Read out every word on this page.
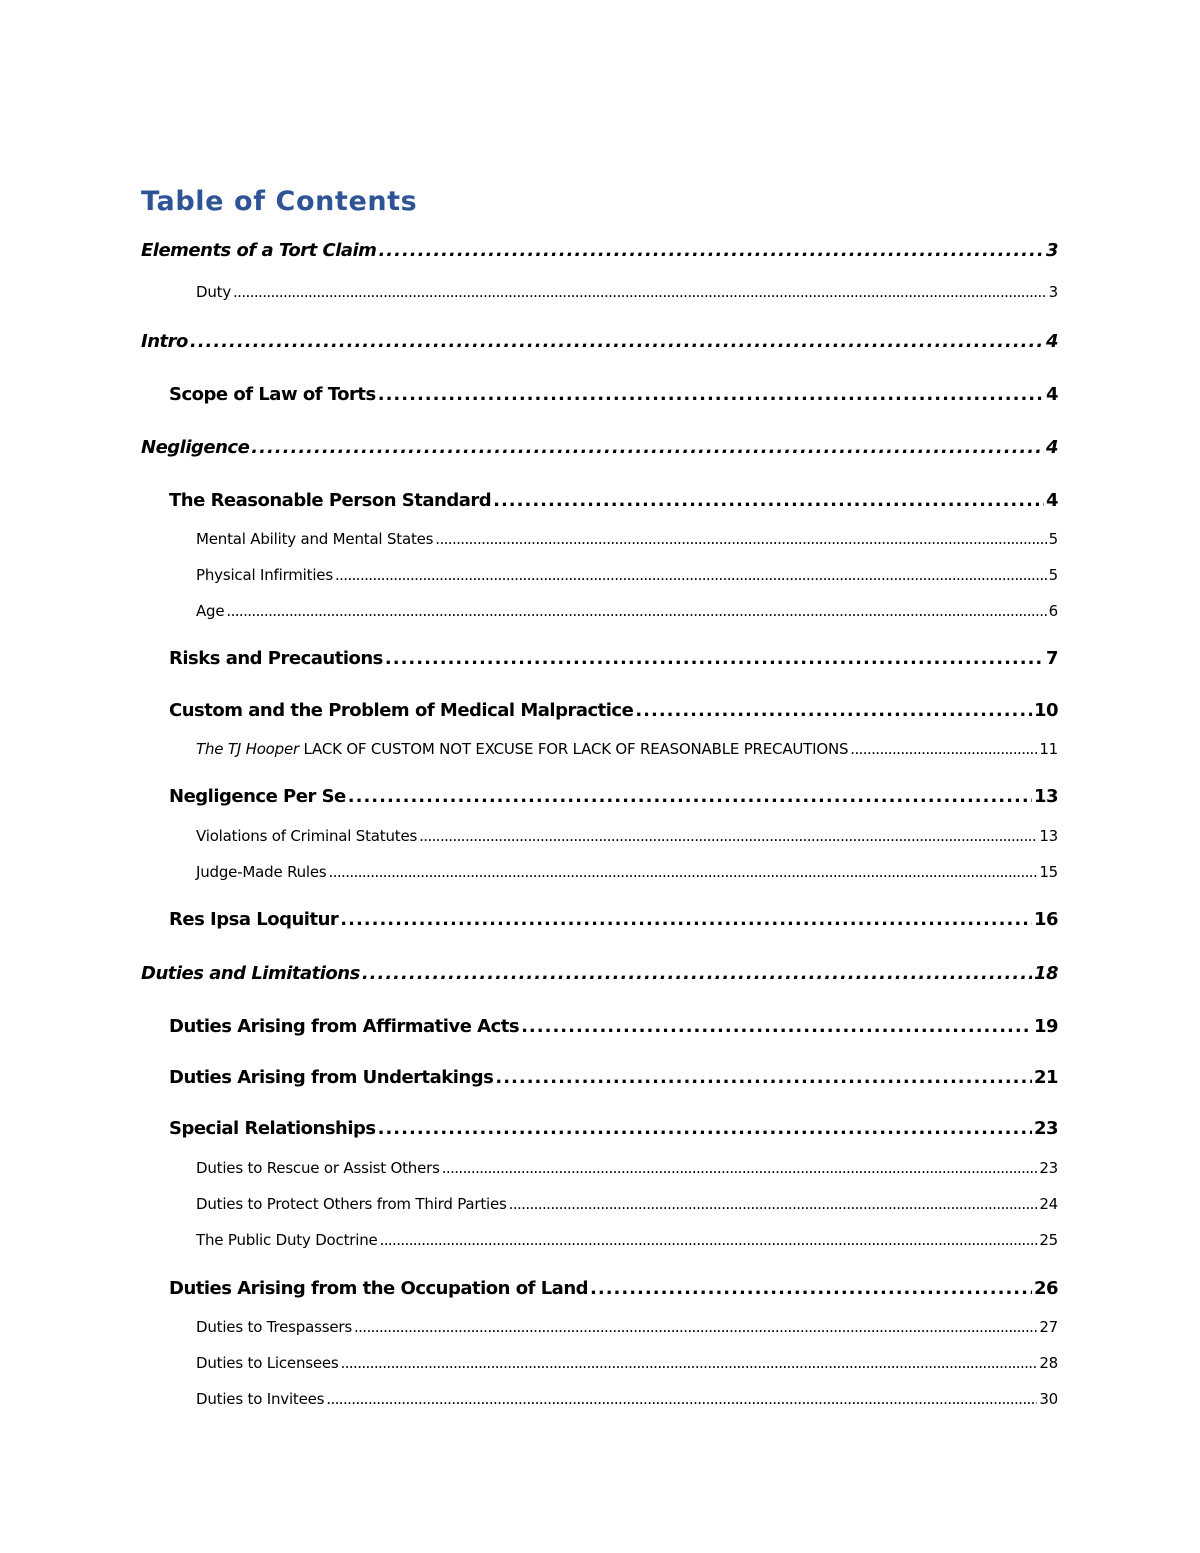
Table of Contents
Elements of a Tort Claim .....	3
Duty .....	3
Intro .....	4
Scope of Law of Torts .....	4
Negligence .....	4
The Reasonable Person Standard .....	4
Mental Ability and Mental States .....	5
Physical Infirmities .....	5
Age .....	6
Risks and Precautions .....	7
Custom and the Problem of Medical Malpractice .....	10
The TJ Hooper LACK OF CUSTOM NOT EXCUSE FOR LACK OF REASONABLE PRECAUTIONS .....	11
Negligence Per Se .....	13
Violations of Criminal Statutes .....	13
Judge-Made Rules .....	15
Res Ipsa Loquitur .....	16
Duties and Limitations .....	18
Duties Arising from Affirmative Acts .....	19
Duties Arising from Undertakings .....	21
Special Relationships .....	23
Duties to Rescue or Assist Others .....	23
Duties to Protect Others from Third Parties .....	24
The Public Duty Doctrine .....	25
Duties Arising from the Occupation of Land .....	26
Duties to Trespassers .....	27
Duties to Licensees .....	28
Duties to Invitees .....	30
